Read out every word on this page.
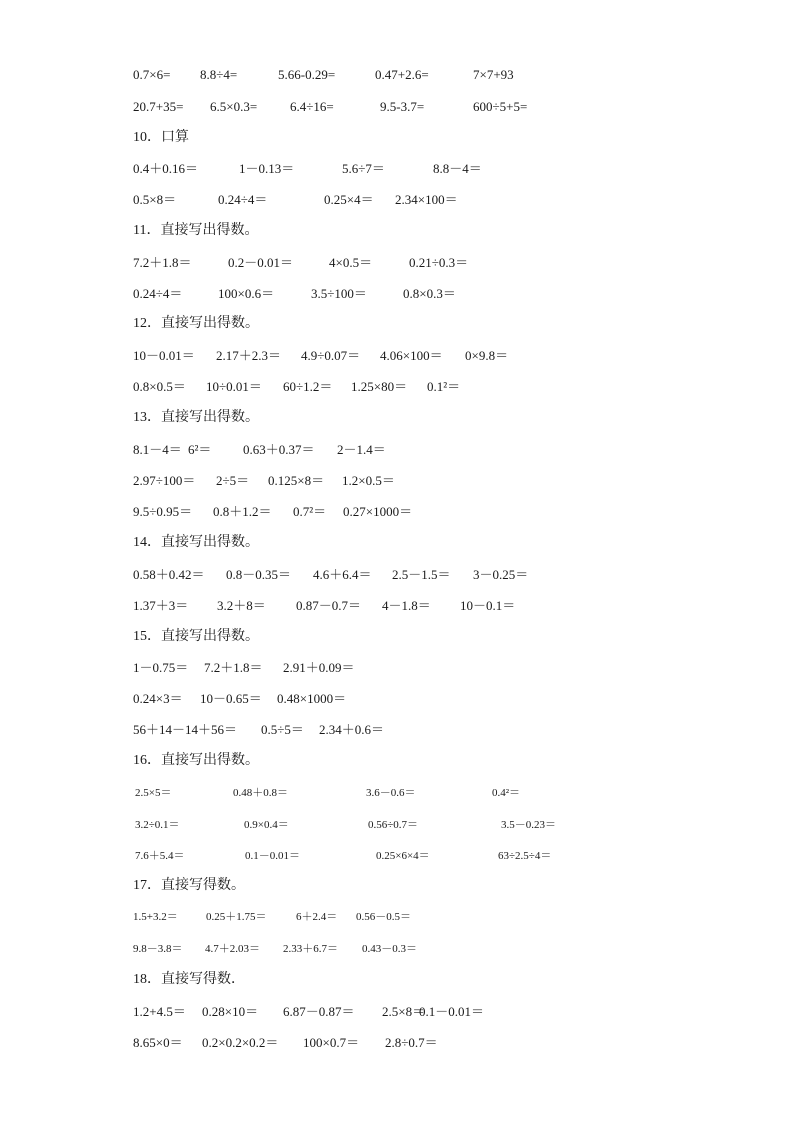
0.7×6= 8.8÷4=	5.66-0.29=	0.47+2.6=	7×7+93
20.7+35= 6.5×0.3=	6.4÷16=	9.5-3.7=	600÷5+5=
10．口算
0.4＋0.16＝	1－0.13＝	5.6÷7＝	8.8－4＝
0.5×8＝	0.24÷4＝	0.25×4＝ 2.34×100＝
11．直接写出得数。
7.2＋1.8＝	0.2－0.01＝	4×0.5＝	0.21÷0.3＝
0.24÷4＝	100×0.6＝	3.5÷100＝	0.8×0.3＝
12．直接写出得数。
10－0.01＝ 2.17＋2.3＝ 4.9÷0.07＝ 4.06×100＝ 0×9.8＝
0.8×0.5＝ 10÷0.01＝ 60÷1.2＝ 1.25×80＝ 0.1²＝
13．直接写出得数。
8.1－4＝ 6²＝ 0.63＋0.37＝ 2－1.4＝
2.97÷100＝ 2÷5＝ 0.125×8＝ 1.2×0.5＝
9.5÷0.95＝ 0.8＋1.2＝ 0.7²＝ 0.27×1000＝
14．直接写出得数。
0.58＋0.42＝ 0.8－0.35＝ 4.6＋6.4＝ 2.5－1.5＝ 3－0.25＝
1.37＋3＝ 3.2＋8＝ 0.87－0.7＝ 4－1.8＝ 10－0.1＝
15．直接写出得数。
1－0.75＝ 7.2＋1.8＝ 2.91＋0.09＝
0.24×3＝ 10－0.65＝ 0.48×1000＝
56＋14－14＋56＝ 0.5÷5＝ 2.34＋0.6＝
16．直接写出得数。
2.5×5＝	0.48＋0.8＝	3.6－0.6＝	0.4²＝
3.2÷0.1＝	0.9×0.4＝	0.56÷0.7＝	3.5－0.23＝
7.6＋5.4＝	0.1－0.01＝	0.25×6×4＝	63÷2.5÷4＝
17．直接写得数。
1.5+3.2＝	0.25＋1.75＝	6＋2.4＝ 0.56－0.5＝
9.8－3.8＝ 4.7＋2.03＝ 2.33＋6.7＝ 0.43－0.3＝
18．直接写得数．
1.2+4.5＝ 0.28×10＝ 6.87－0.87＝ 2.5×8＝
0.1－0.01＝
8.65×0＝ 0.2×0.2×0.2＝ 100×0.7＝ 2.8÷0.7＝
